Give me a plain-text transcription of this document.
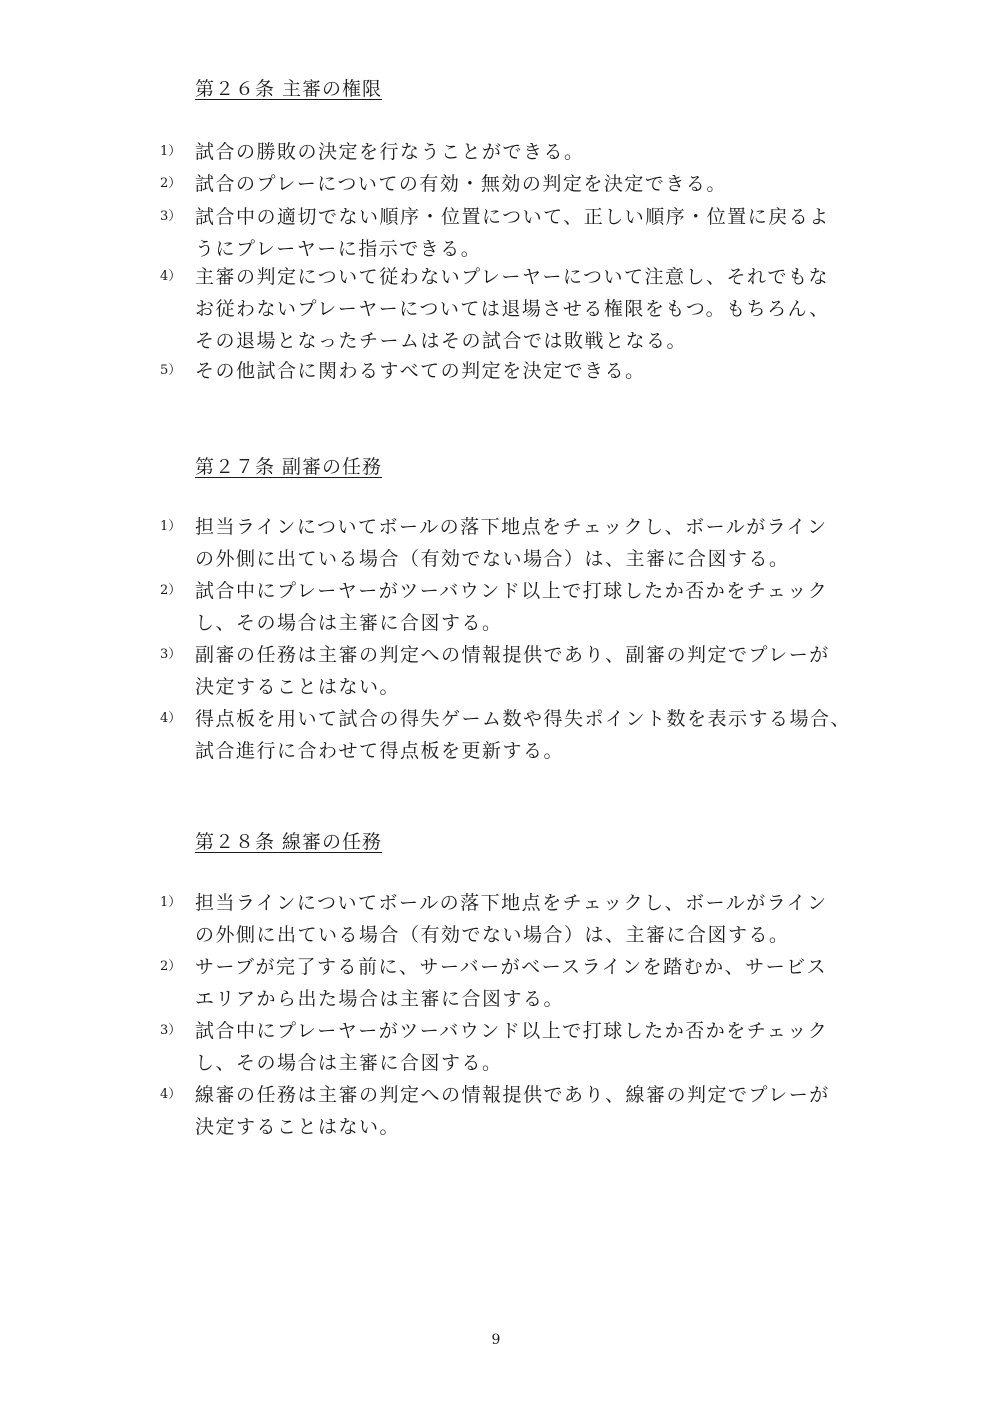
第２６条 主審の権限
1） 試合の勝敗の決定を行なうことができる。
2） 試合のプレーについての有効・無効の判定を決定できる。
3） 試合中の適切でない順序・位置について、正しい順序・位置に戻るよ
うにプレーヤーに指示できる。
4） 主審の判定について従わないプレーヤーについて注意し、それでもな
お従わないプレーヤーについては退場させる権限をもつ。もちろん、
その退場となったチームはその試合では敗戦となる。
5） その他試合に関わるすべての判定を決定できる。
第２７条 副審の任務
1） 担当ラインについてボールの落下地点をチェックし、ボールがライン
の外側に出ている場合（有効でない場合）は、主審に合図する。
2） 試合中にプレーヤーがツーバウンド以上で打球したか否かをチェック
し、その場合は主審に合図する。
3） 副審の任務は主審の判定への情報提供であり、副審の判定でプレーが
決定することはない。
4） 得点板を用いて試合の得失ゲーム数や得失ポイント数を表示する場合、
試合進行に合わせて得点板を更新する。
第２８条 線審の任務
1） 担当ラインについてボールの落下地点をチェックし、ボールがライン
の外側に出ている場合（有効でない場合）は、主審に合図する。
2） サーブが完了する前に、サーバーがベースラインを踏むか、サービス
エリアから出た場合は主審に合図する。
3） 試合中にプレーヤーがツーバウンド以上で打球したか否かをチェック
し、その場合は主審に合図する。
4） 線審の任務は主審の判定への情報提供であり、線審の判定でプレーが
決定することはない。
9
